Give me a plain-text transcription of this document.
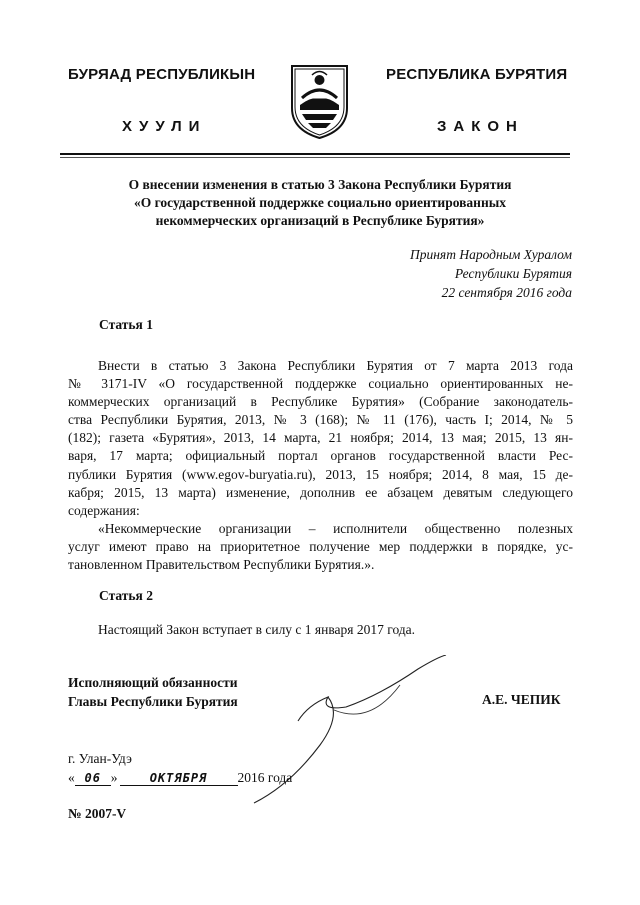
БУРЯАД РЕСПУБЛИКЫН	РЕСПУБЛИКА БУРЯТИЯ
ХУУЛИ	ЗАКОН
О внесении изменения в статью 3 Закона Республики Бурятия
«О государственной поддержке социально ориентированных
некоммерческих организаций в Республике Бурятия»
Принят Народным Хуралом
Республики Бурятия
22 сентября 2016 года
Статья 1
Внести в статью 3 Закона Республики Бурятия от 7 марта 2013 года
№ 3171-IV «О государственной поддержке социально ориентированных не-
коммерческих организаций в Республике Бурятия» (Собрание законодатель-
ства Республики Бурятия, 2013, № 3 (168); № 11 (176), часть I; 2014, № 5
(182); газета «Бурятия», 2013, 14 марта, 21 ноября; 2014, 13 мая; 2015, 13 ян-
варя, 17 марта; официальный портал органов государственной власти Рес-
публики Бурятия (www.egov-buryatia.ru), 2013, 15 ноября; 2014, 8 мая, 15 де-
кабря; 2015, 13 марта) изменение, дополнив ее абзацем девятым следующего
содержания:
«Некоммерческие организации – исполнители общественно полезных
услуг имеют право на приоритетное получение мер поддержки в порядке, ус-
тановленном Правительством Республики Бурятия.».
Статья 2
Настоящий Закон вступает в силу с 1 января 2017 года.
Исполняющий обязанности
Главы Республики Бурятия	А.Е. ЧЕПИК
г. Улан-Удэ
« 06 »	ОКТЯБРЯ 2016 года
№ 2007-V
